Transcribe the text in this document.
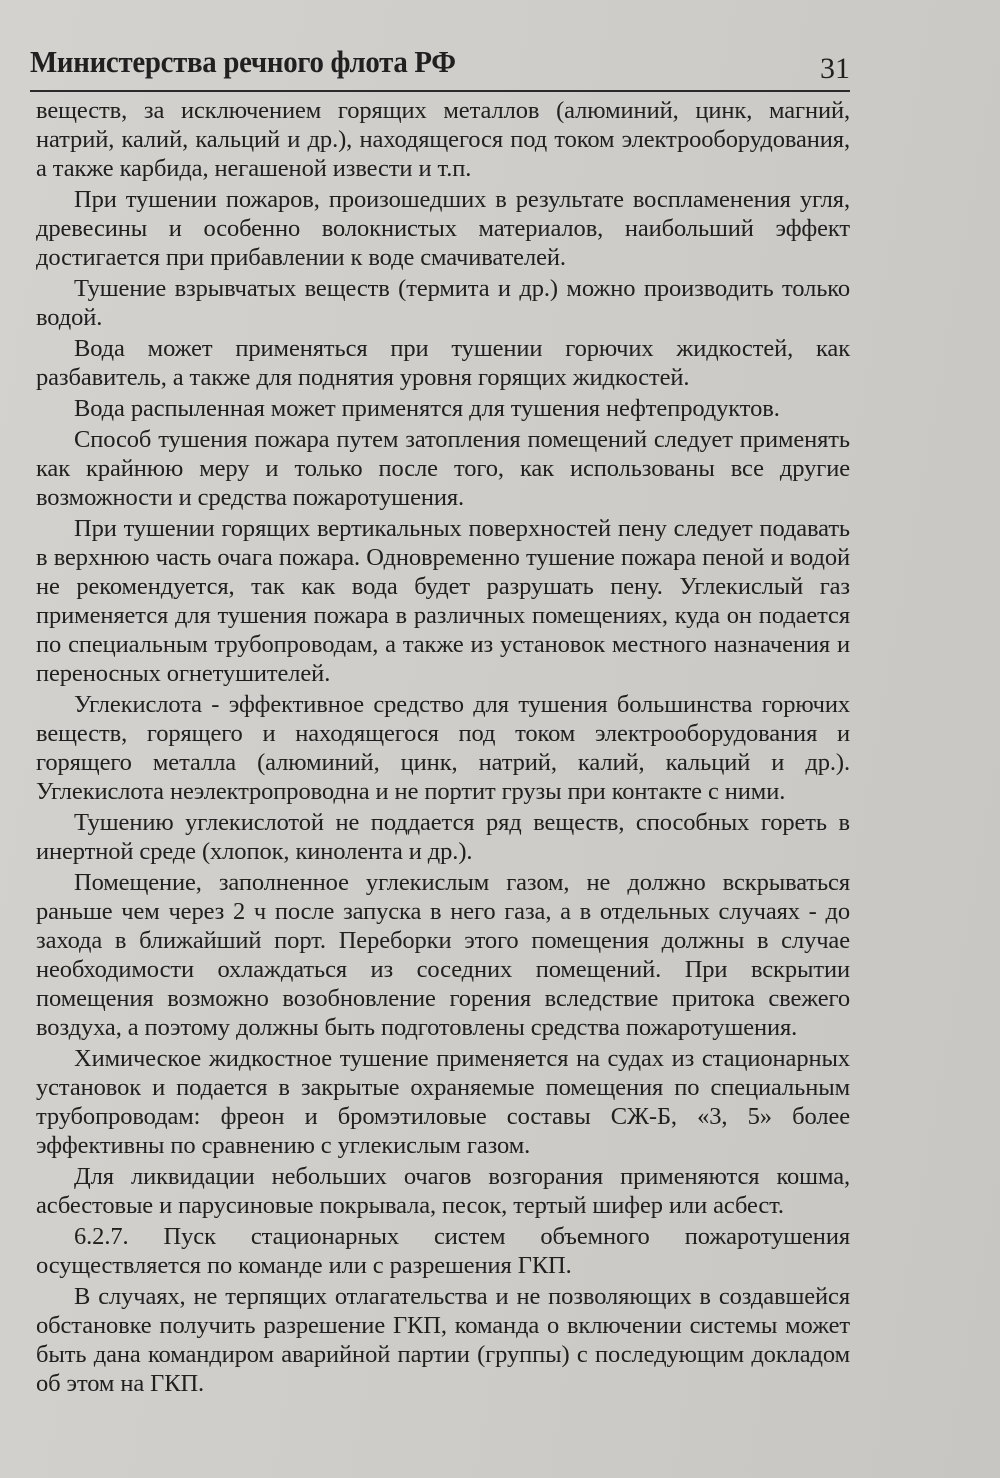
Министерства речного флота РФ	31

веществ, за исключением горящих металлов (алюминий, цинк, магний, натрий, калий, кальций и др.), находящегося под током электрооборудования, а также карбида, негашеной извести и т.п.

При тушении пожаров, произошедших в результате воспламенения угля, древесины и особенно волокнистых материалов, наибольший эффект достигается при прибавлении к воде смачивателей.

Тушение взрывчатых веществ (термита и др.) можно производить только водой.

Вода может применяться при тушении горючих жидкостей, как разбавитель, а также для поднятия уровня горящих жидкостей.

Вода распыленная может применятся для тушения нефтепродуктов.

Способ тушения пожара путем затопления помещений следует применять как крайнюю меру и только после того, как использованы все другие возможности и средства пожаротушения.

При тушении горящих вертикальных поверхностей пену следует подавать в верхнюю часть очага пожара. Одновременно тушение пожара пеной и водой не рекомендуется, так как вода будет разрушать пену. Углекислый газ применяется для тушения пожара в различных помещениях, куда он подается по специальным трубопроводам, а также из установок местного назначения и переносных огнетушителей.

Углекислота - эффективное средство для тушения большинства горючих веществ, горящего и находящегося под током электрооборудования и горящего металла (алюминий, цинк, натрий, калий, кальций и др.). Углекислота неэлектропроводна и не портит грузы при контакте с ними.

Тушению углекислотой не поддается ряд веществ, способных гореть в инертной среде (хлопок, кинолента и др.).

Помещение, заполненное углекислым газом, не должно вскрываться раньше чем через 2 ч после запуска в него газа, а в отдельных случаях - до захода в ближайший порт. Переборки этого помещения должны в случае необходимости охлаждаться из соседних помещений. При вскрытии помещения возможно возобновление горения вследствие притока свежего воздуха, а поэтому должны быть подготовлены средства пожаротушения.

Химическое жидкостное тушение применяется на судах из стационарных установок и подается в закрытые охраняемые помещения по специальным трубопроводам: фреон и бромэтиловые составы СЖ-Б, «3, 5» более эффективны по сравнению с углекислым газом.

Для ликвидации небольших очагов возгорания применяются кошма, асбестовые и парусиновые покрывала, песок, тертый шифер или асбест.

6.2.7. Пуск стационарных систем объемного пожаротушения осуществляется по команде или с разрешения ГКП.

В случаях, не терпящих отлагательства и не позволяющих в создавшейся обстановке получить разрешение ГКП, команда о включении системы может быть дана командиром аварийной партии (группы) с последующим докладом об этом на ГКП.
